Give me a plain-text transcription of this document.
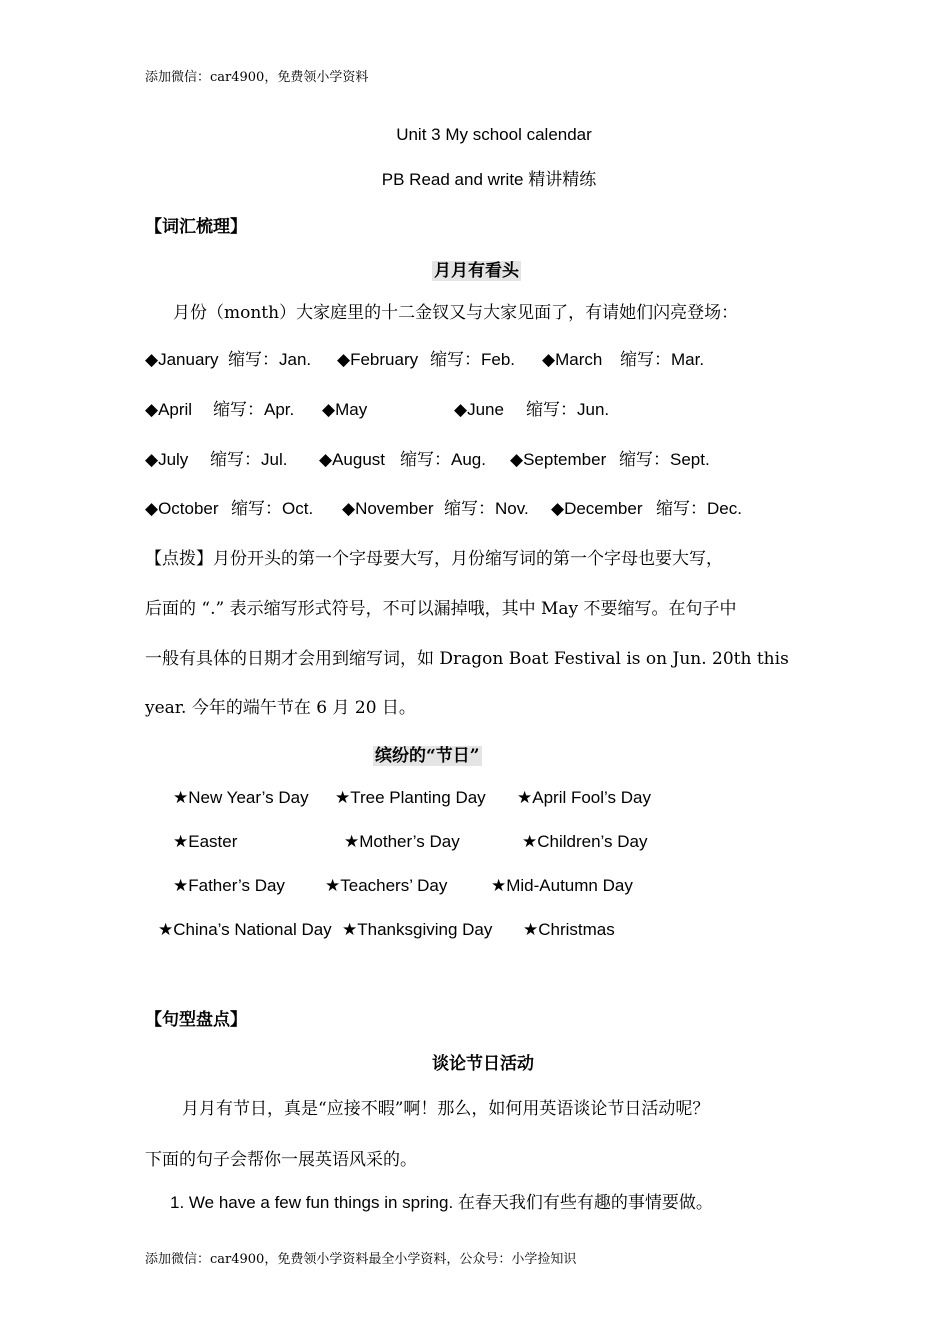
添加微信：car4900，免费领小学资料
Unit 3 My school calendar
PB Read and write 精讲精练
【词汇梳理】
月月有看头
月份（month）大家庭里的十二金钗又与大家见面了，有请她们闪亮登场：
◆January 缩写：Jan. ◆February 缩写：Feb. ◆March 缩写：Mar.
◆April 缩写：Apr. ◆May	◆June 缩写：Jun.
◆July 缩写：Jul. ◆August 缩写：Aug. ◆September 缩写：Sept.
◆October 缩写：Oct. ◆November 缩写：Nov. ◆December 缩写：Dec.
【点拨】月份开头的第一个字母要大写，月份缩写词的第一个字母也要大写，
后面的 “.” 表示缩写形式符号，不可以漏掉哦，其中 May 不要缩写。在句子中
一般有具体的日期才会用到缩写词，如 Dragon Boat Festival is on Jun. 20th this
year. 今年的端午节在 6 月 20 日。
缤纷的“节日”
★New Year’s Day ★Tree Planting Day ★April Fool’s Day
★Easter	★Mother’s Day	★Children’s Day
★Father’s Day ★Teachers’ Day	★Mid-Autumn Day
★China’s National Day ★Thanksgiving Day ★Christmas
【句型盘点】
谈论节日活动
月月有节日，真是“应接不暇”啊！那么，如何用英语谈论节日活动呢？
下面的句子会帮你一展英语风采的。
1. We have a few fun things in spring. 在春天我们有些有趣的事情要做。
添加微信：car4900，免费领小学资料最全小学资料，公众号：小学捡知识
